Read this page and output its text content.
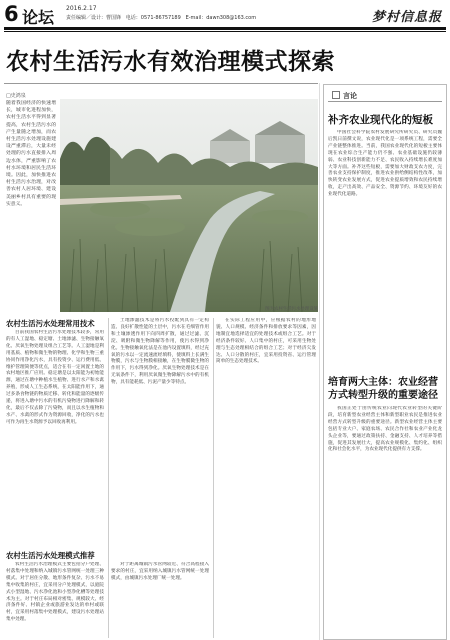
6 论坛 2016.2.17
责任编辑／设计：曹国锋 电话：0571-86757189 E-mail：dawn308@163.com	梦村信息报
农村生活污水有效治理模式探索
□史鸿泉

随着我国经济的快速增长，城市化进程加快，农村生活水平得到显著提高，农村生活污水的产生量随之增加，而农村生活污水处理设施建设严重滞后，大量未经处理的污水直接排入周边水体，严重影响了农村水环境和居民生活环境。因此，加快推进农村生活污水治理，对改善农村人居环境、建设美丽乡村具有重要的现实意义。

图为农村生活污水处理设施
农村生活污水处理常用技术

目前我国农村生活污水处理技术较多，常用的有人工湿地、稳定塘、土地渗滤、生物接触氧化、厌氧生物处理及组合工艺等。人工湿地是利用基质、植物和微生物的物理、化学和生物三重协同作用净化污水，具有投资少、运行费用低、维护管理简便等优点，适合在有一定闲置土地的农村地区推广应用。稳定塘是以太阳能为初始能源，通过在塘中种植水生植物、进行水产和水禽养殖，形成人工生态系统，在太阳能作用下，通过多条食物链的物质迁移、转化和能量的逐级传递，将进入塘中污水的有机污染物进行降解和转化，最后不仅去除了污染物，而且以水生植物和水产、水禽的形式作为资源回收，净化的污水也可作为再生水资源予以回收再利用。

土地渗滤技术是将污水投配到具有一定构造、良好扩散性能的土层中，污水在毛细管作用和土壤渗透作用下向四周扩散，通过过滤、沉淀、吸附和微生物降解等作用，使污水得到净化。生物接触氧化法是在池内设置填料，经过充氧的污水以一定流速流经填料，使填料上长满生物膜，污水与生物膜相接触，在生物膜微生物的作用下，污水得到净化。厌氧生物处理技术是在无氧条件下，利用厌氧微生物降解污水中的有机物，具有能耗低、污泥产量少等特点。

在实际工程应用中，应根据农村的地形地貌、人口规模、经济条件和排放要求等因素，因地制宜地选择适宜的处理技术或组合工艺。对于经济条件较好、人口集中的村庄，可采用生物处理与生态处理相结合的组合工艺；对于经济欠发达、人口分散的村庄，宜采用投资省、运行管理简单的生态处理技术。

农村生活污水处理模式推荐

农村生活污水治理模式主要包括分户处理、村落集中处理和纳入城镇污水管网统一处理三种模式。对于居住分散、地形条件复杂、污水不易集中收集的村庄，宜采用分户处理模式，以庭院式小型湿地、污水净化池和小型净化槽等处理技术为主。对于村庄布局相对密集、规模较大、经济条件好、村镇企业或旅游业发达的单村或联村，宜采用村落集中处理模式，建设污水处理站集中处理。

对于距离城镇污水管网较近、符合高程接入要求的村庄，宜采用纳入城镇污水管网统一处理模式，由城镇污水处理厂统一处理。

言论
补齐农业现代化的短板

中国社会科学院农村发展研究所研究员、研究员魏后凯日前撰文说，农业现代化是一项系统工程，需要全产业链整体推进。当前，我国农业现代化的短板主要体现在农业综合生产能力仍不强、农业基础设施仍较薄弱、农业科技创新能力不足、农民收入持续增长难度加大等方面。补齐这些短板，需要加大财政支农力度，完善农业支持保护制度，推进农业供给侧结构性改革，加快转变农业发展方式，促进农业提质增效和农民持续增收，走产出高效、产品安全、资源节约、环境友好的农业现代化道路。

培育两大主体：农业经营方式转型升级的重要途径

我国正处于由传统农业向现代农业转型的关键阶段，培育新型农业经营主体和新型职业农民是推进农业经营方式转型升级的重要途径。新型农业经营主体主要包括专业大户、家庭农场、农民合作社和农业产业化龙头企业等，要通过政策扶持、金融支持、人才培养等措施，促进其发展壮大，提高农业规模化、集约化、组织化和社会化水平，为农业现代化提供有力支撑。
